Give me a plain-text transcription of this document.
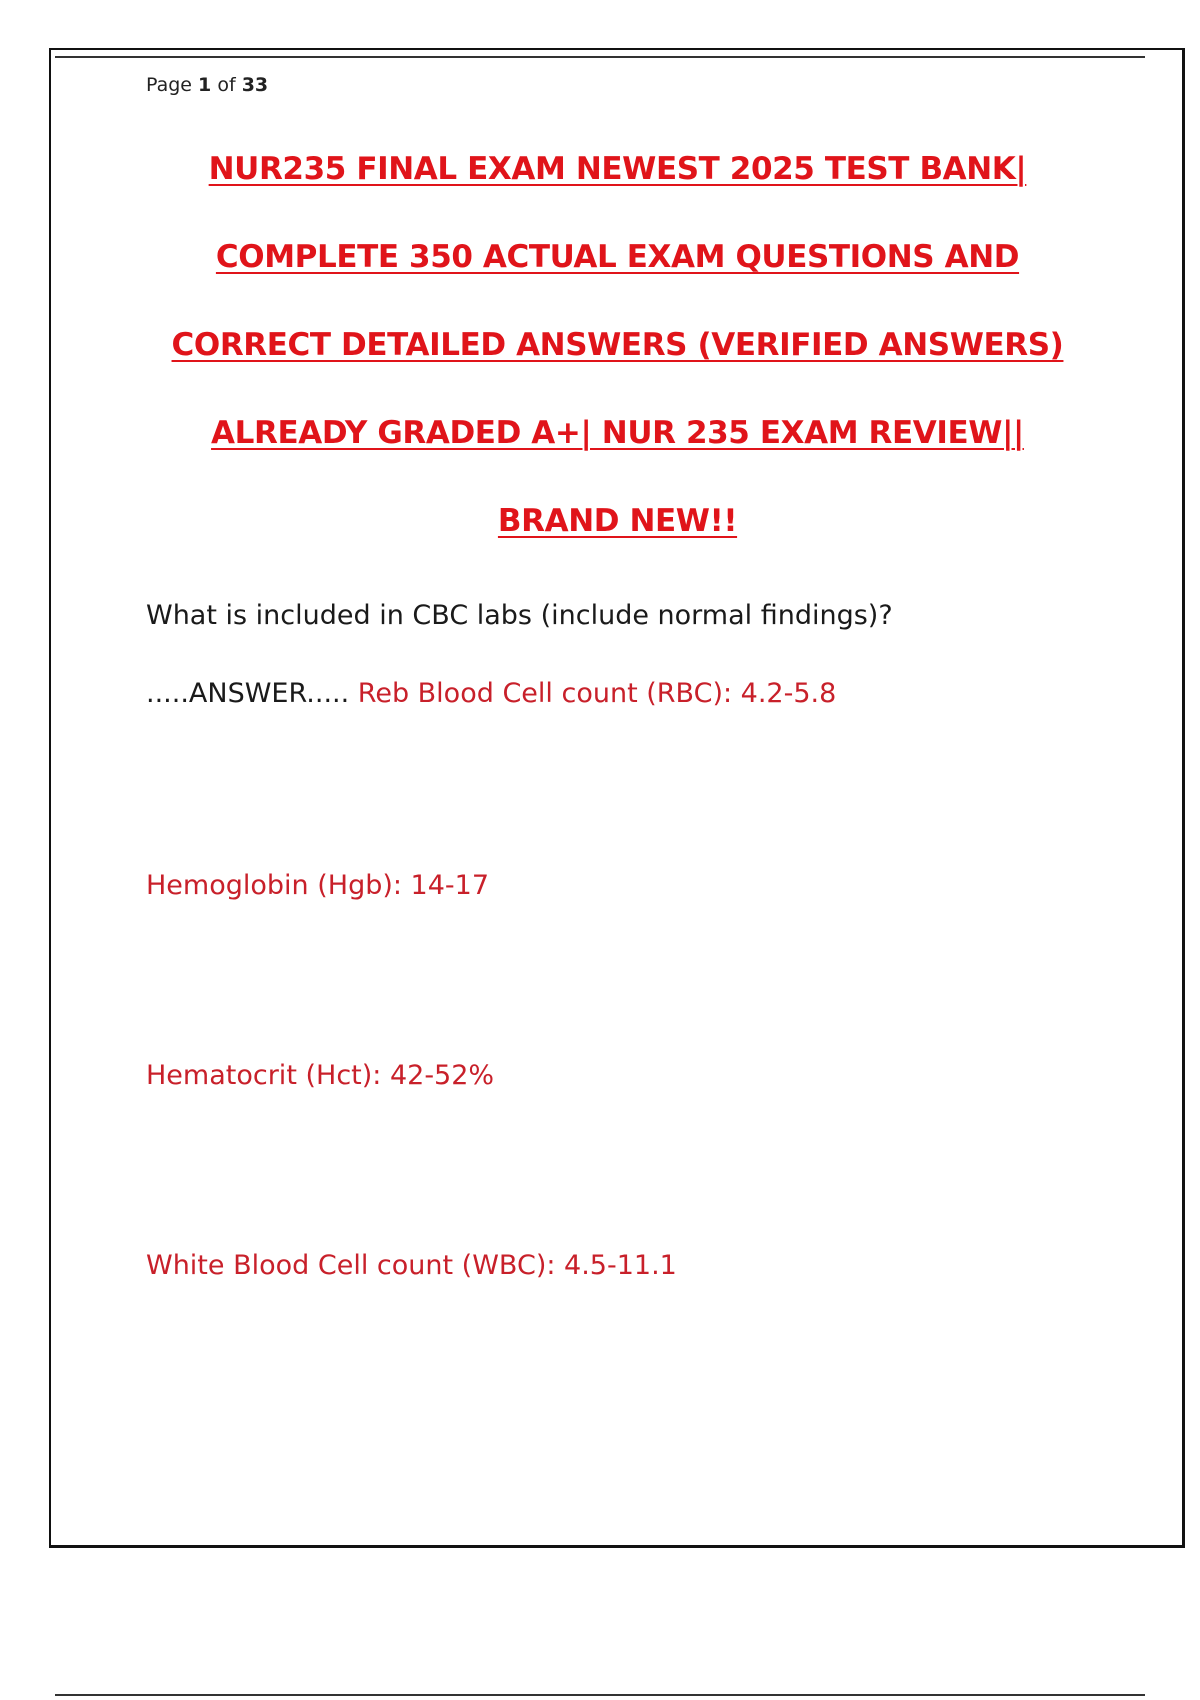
Page 1 of 33
NUR235 FINAL EXAM NEWEST 2025 TEST BANK|
COMPLETE 350 ACTUAL EXAM QUESTIONS AND
CORRECT DETAILED ANSWERS (VERIFIED ANSWERS)
ALREADY GRADED A+| NUR 235 EXAM REVIEW||
BRAND NEW!!
What is included in CBC labs (include normal findings)?
.....ANSWER..... Reb Blood Cell count (RBC): 4.2-5.8
Hemoglobin (Hgb): 14-17
Hematocrit (Hct): 42-52%
White Blood Cell count (WBC): 4.5-11.1
